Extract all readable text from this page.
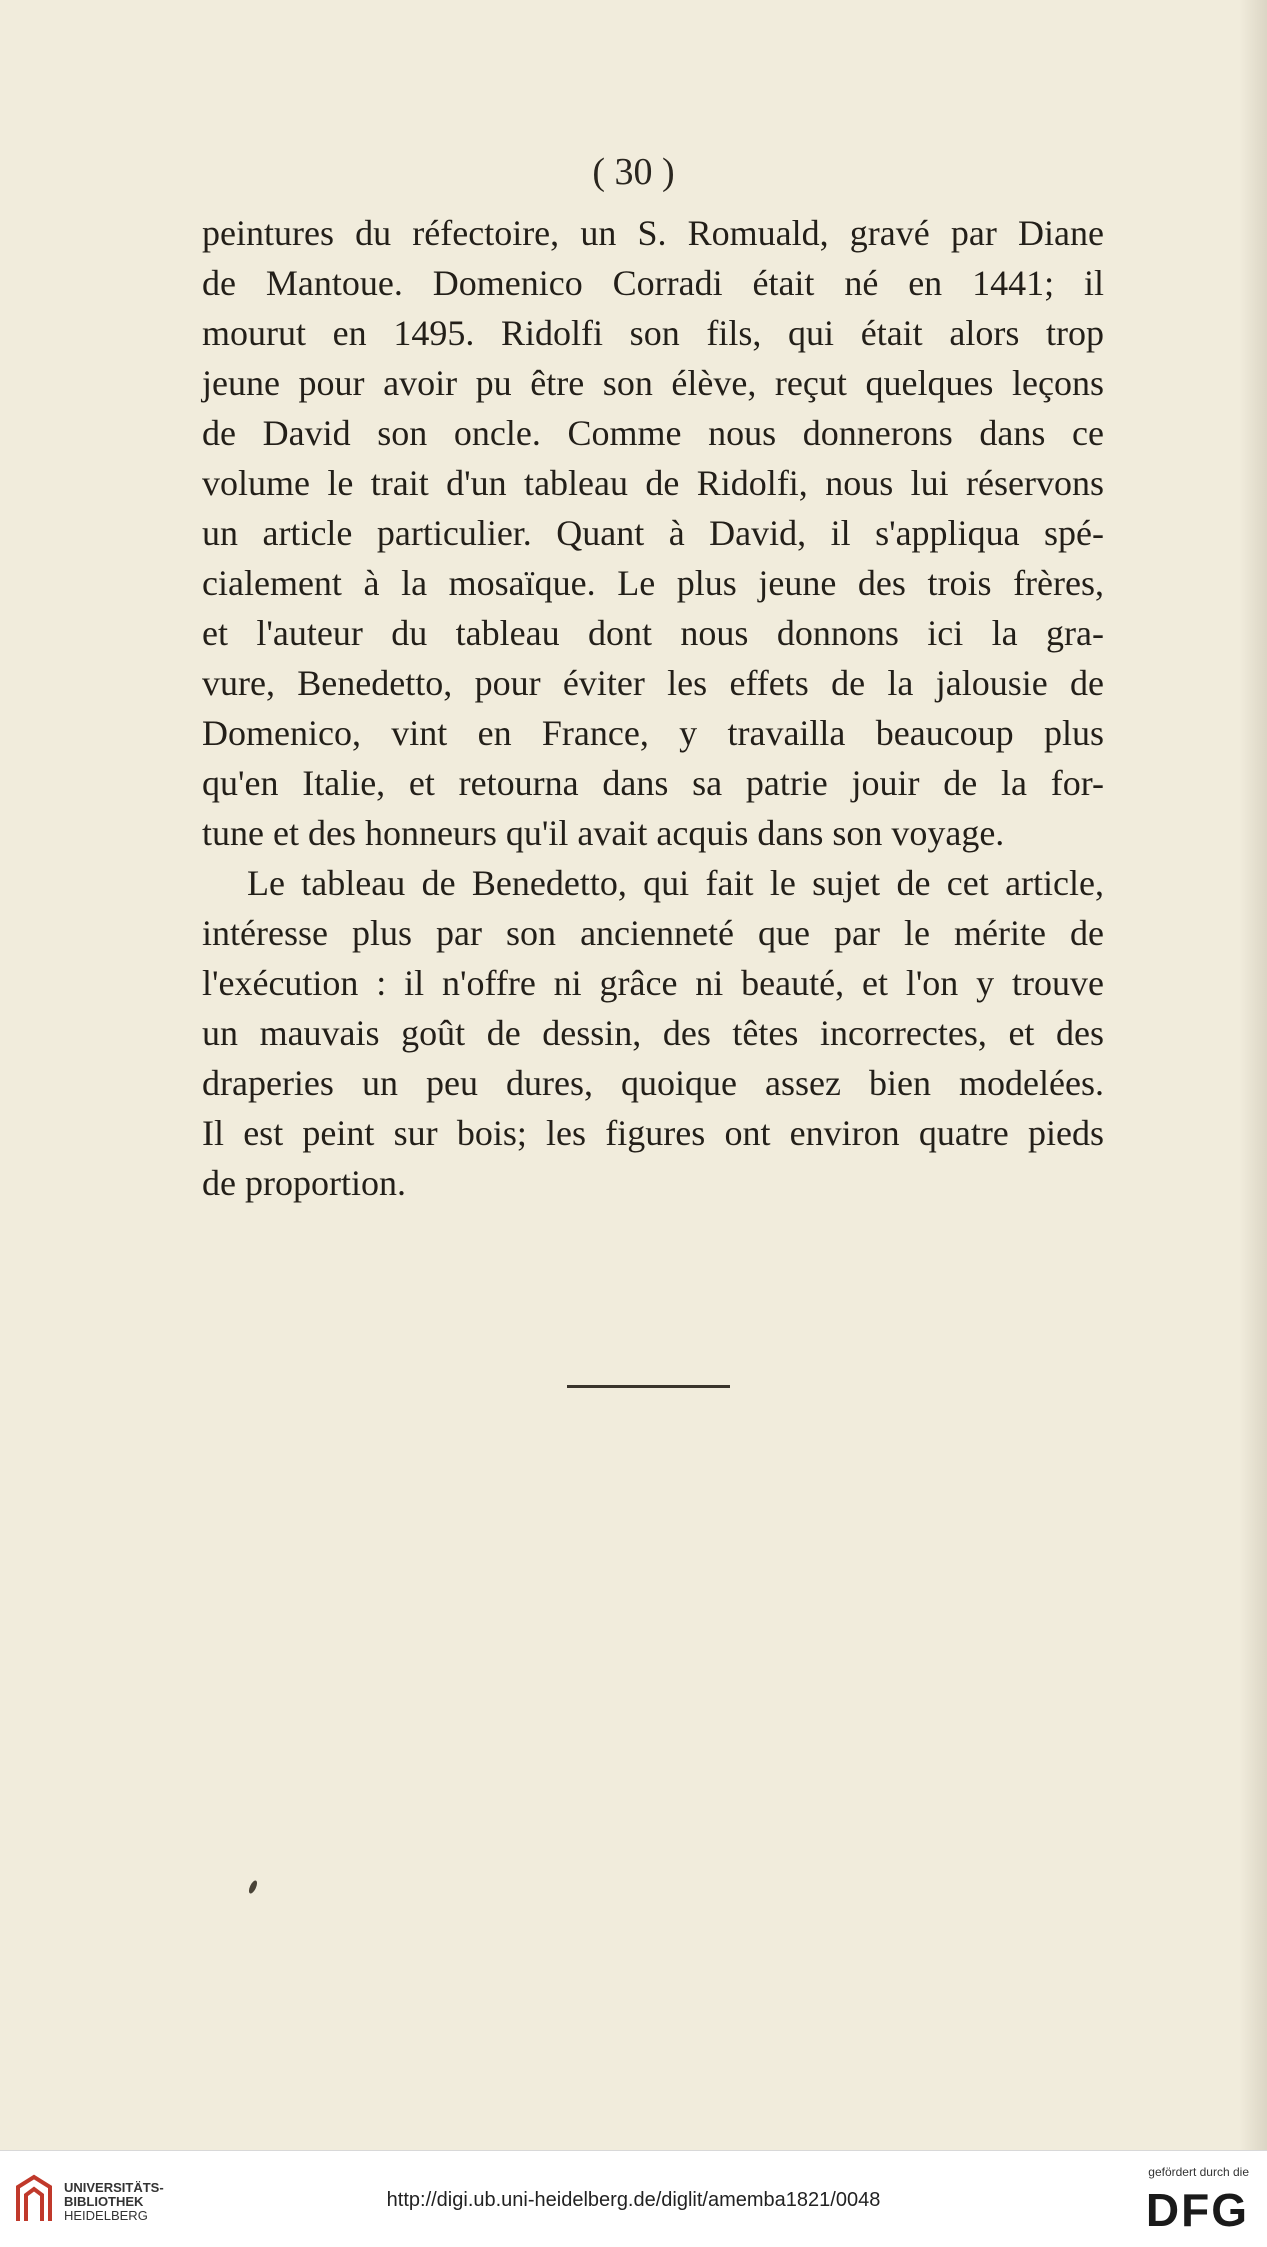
( 30 )
peintures du réfectoire, un S. Romuald, gravé par Diane
de Mantoue. Domenico Corradi était né en 1441; il
mourut en 1495. Ridolfi son fils, qui était alors trop
jeune pour avoir pu être son élève, reçut quelques leçons
de David son oncle. Comme nous donnerons dans ce
volume le trait d'un tableau de Ridolfi, nous lui réservons
un article particulier. Quant à David, il s'appliqua spé-
cialement à la mosaïque. Le plus jeune des trois frères,
et l'auteur du tableau dont nous donnons ici la gra-
vure, Benedetto, pour éviter les effets de la jalousie de
Domenico, vint en France, y travailla beaucoup plus
qu'en Italie, et retourna dans sa patrie jouir de la for-
tune et des honneurs qu'il avait acquis dans son voyage.
Le tableau de Benedetto, qui fait le sujet de cet article,
intéresse plus par son ancienneté que par le mérite de
l'exécution : il n'offre ni grâce ni beauté, et l'on y trouve
un mauvais goût de dessin, des têtes incorrectes, et des
draperies un peu dures, quoique assez bien modelées.
Il est peint sur bois; les figures ont environ quatre pieds
de proportion.
UNIVERSITÄTS-
BIBLIOTHEK
HEIDELBERG
http://digi.ub.uni-heidelberg.de/diglit/amemba1821/0048
gefördert durch die
DFG
